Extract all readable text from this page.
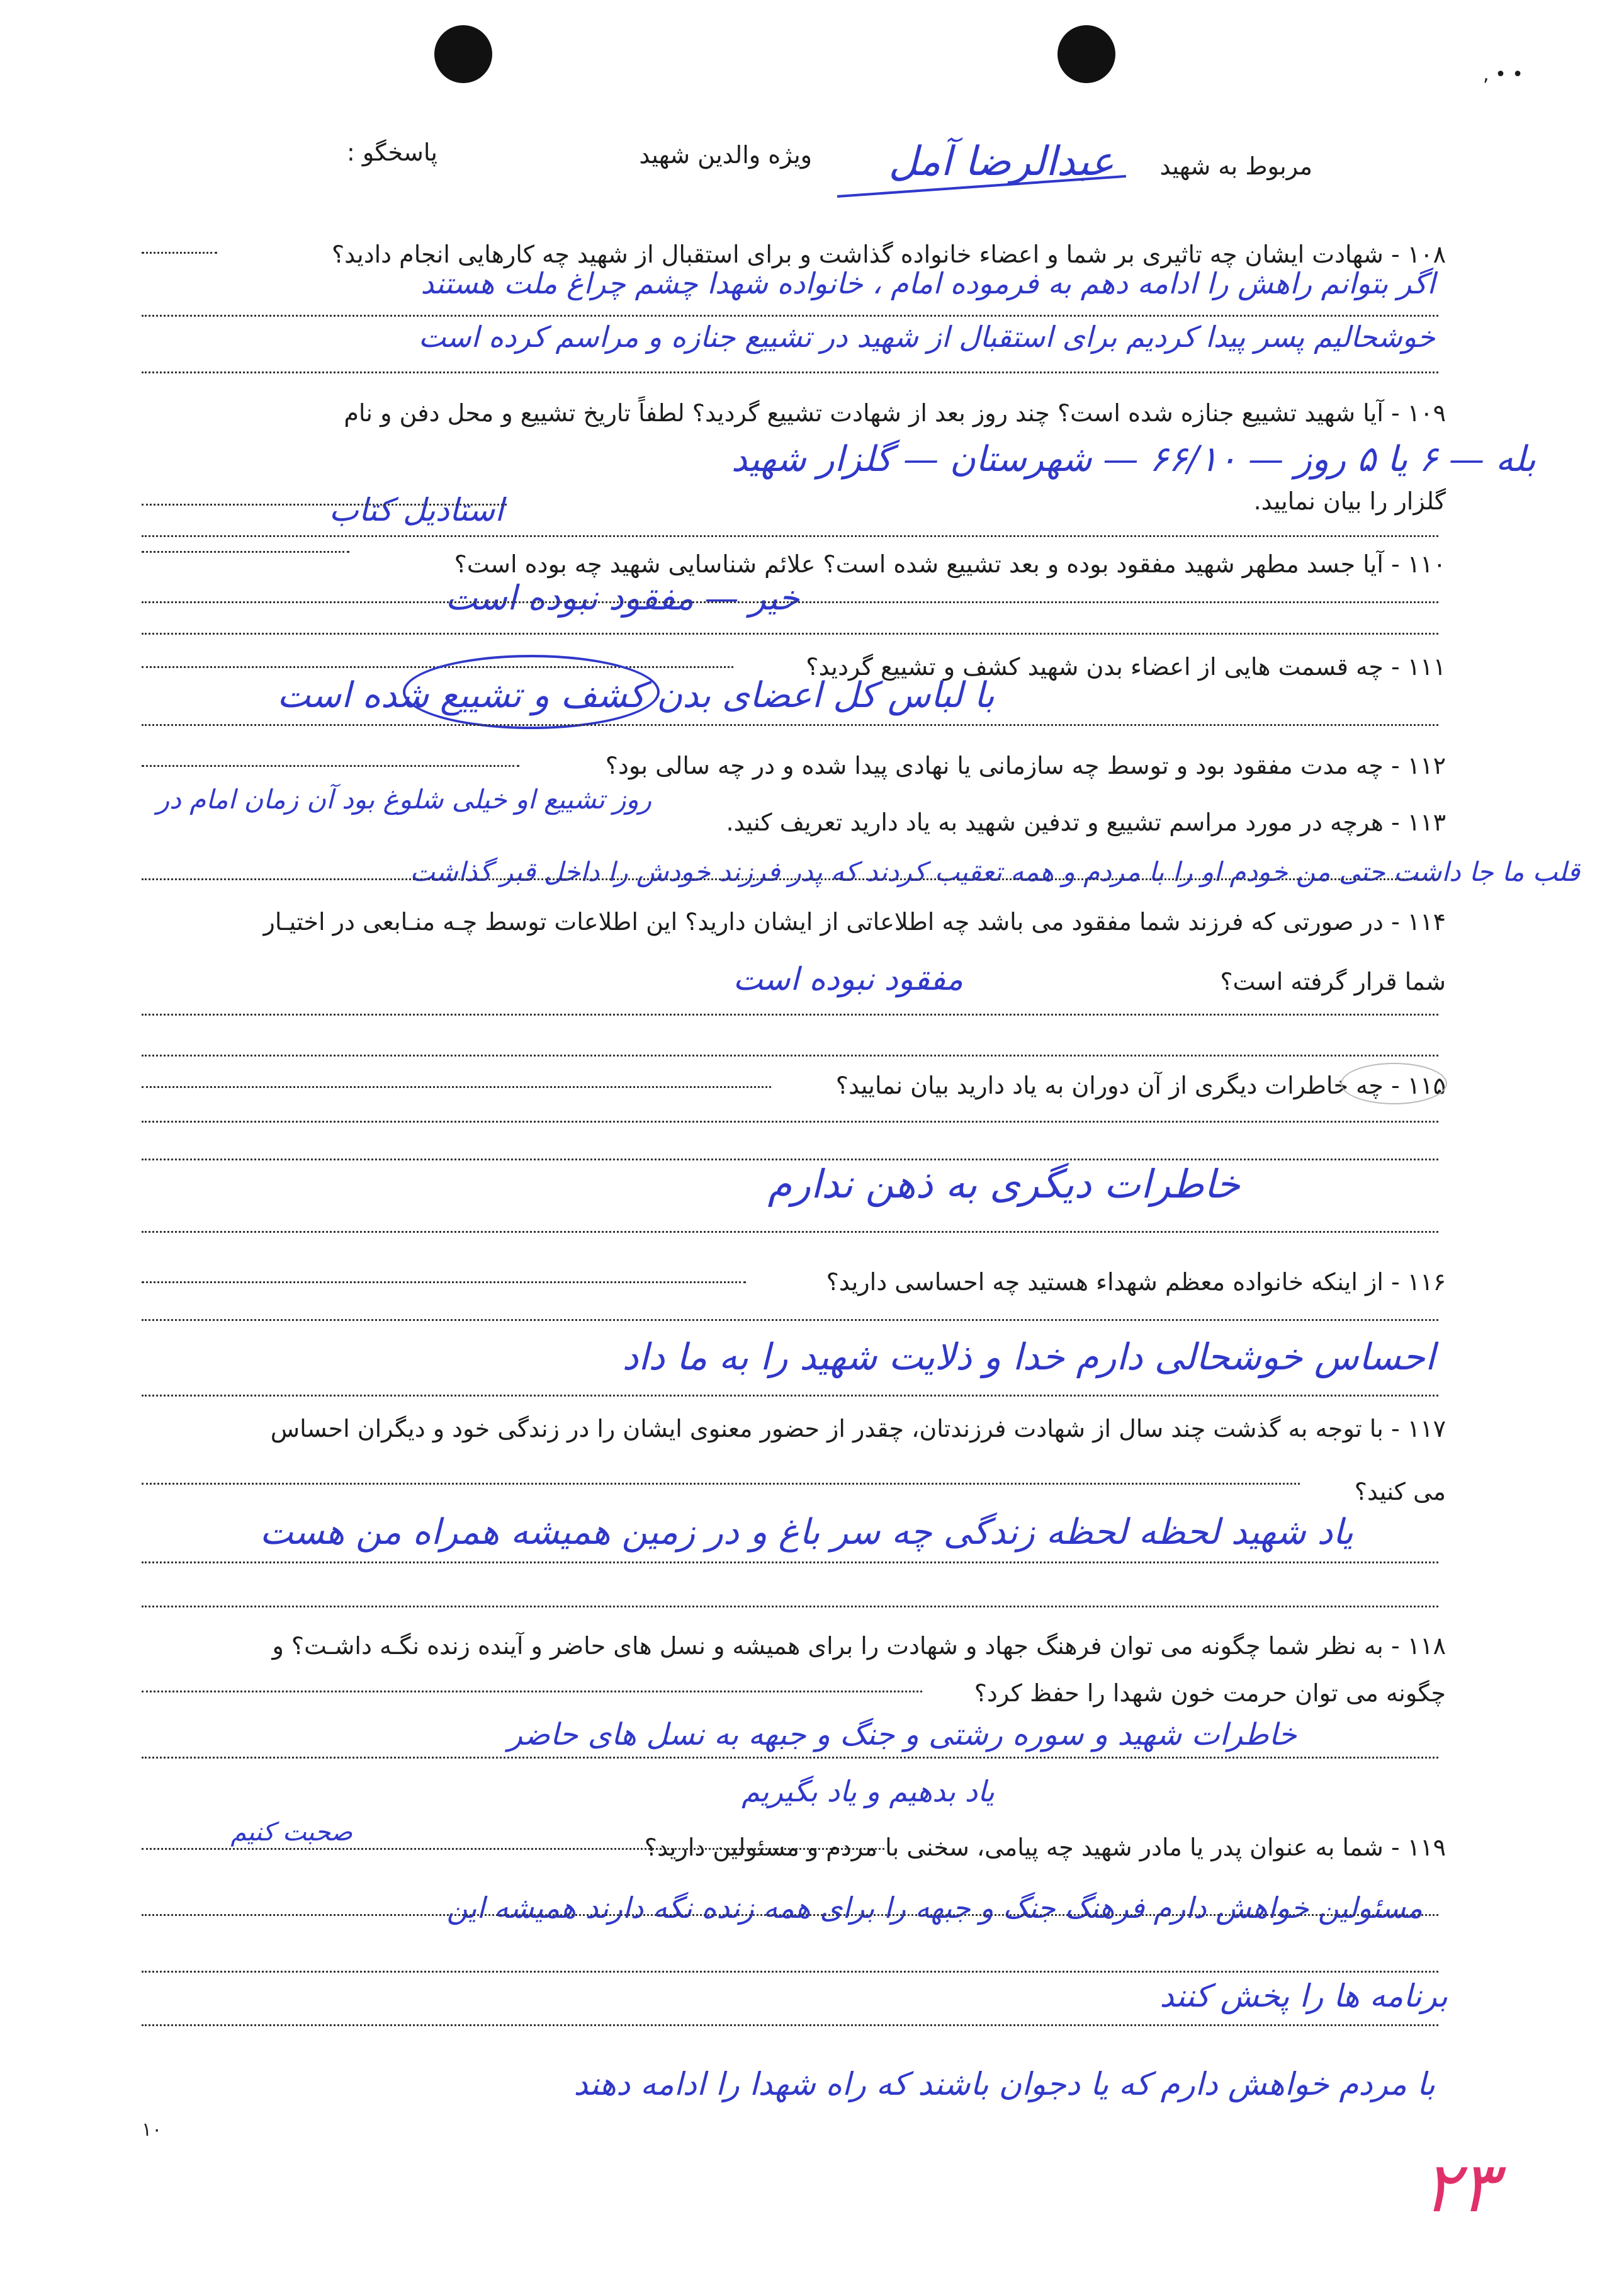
• • ,
مربوط به شهید
عبدالرضا آمل
ویژه والدین شهید
پاسخگو :
۱۰۸ - شهادت ایشان چه تاثیری بر شما و اعضاء خانواده گذاشت و برای استقبال از شهید چه کارهایی انجام دادید؟
اگر بتوانم راهش را ادامه دهم به فرموده امام ، خانواده شهدا چشم چراغ ملت هستند
خوشحالیم پسر پیدا کردیم برای استقبال از شهید در تشییع جنازه و مراسم کرده است
۱۰۹ - آیا شهید تشییع جنازه شده است؟ چند روز بعد از شهادت تشییع گردید؟ لطفاً تاریخ تشییع و محل دفن و نام
گلزار را بیان نمایید.
بله — ۶ یا ۵ روز — ۶۶/۱۰ — شهرستان — گلزار شهید
استادیل کتاب
۱۱۰ - آیا جسد مطهر شهید مفقود بوده و بعد تشییع شده است؟ علائم شناسایی شهید چه بوده است؟
خیر — مفقود نبوده است
۱۱۱ - چه قسمت هایی از اعضاء بدن شهید کشف و تشییع گردید؟
با لباس کل اعضای بدن کشف و تشییع شده است
۱۱۲ - چه مدت مفقود بود و توسط چه سازمانی یا نهادی پیدا شده و در چه سالی بود؟
۱۱۳ - هرچه در مورد مراسم تشییع و تدفین شهید به یاد دارید تعریف کنید.
روز تشییع او خیلی شلوغ بود آن زمان امام در
قلب ما جا داشت حتی من خودم او را با مردم و همه تعقیب کردند که پدر فرزند خودش را داخل قبر گذاشت
۱۱۴ - در صورتی که فرزند شما مفقود می باشد چه اطلاعاتی از ایشان دارید؟ این اطلاعات توسط چـه منـابعی در اختیـار
شما قرار گرفته است؟
مفقود نبوده است
۱۱۵ - چه خاطرات دیگری از آن دوران به یاد دارید بیان نمایید؟
خاطرات دیگری به ذهن ندارم
۱۱۶ - از اینکه خانواده معظم شهداء هستید چه احساسی دارید؟
احساس خوشحالی دارم خدا و ذلایت شهید را به ما داد
۱۱۷ - با توجه به گذشت چند سال از شهادت فرزندتان، چقدر از حضور معنوی ایشان را در زندگی خود و دیگران احساس
می کنید؟
یاد شهید لحظه لحظه زندگی چه سر باغ و در زمین همیشه همراه من هست
۱۱۸ - به نظر شما چگونه می توان فرهنگ جهاد و شهادت را برای همیشه و نسل های حاضر و آینده زنده نگـه داشـت؟ و
چگونه می توان حرمت خون شهدا را حفظ کرد؟
خاطرات شهید و سوره رشتی و جنگ و جبهه به نسل های حاضر
یاد بدهیم و یاد بگیریم
۱۱۹ - شما به عنوان پدر یا مادر شهید چه پیامی، سخنی با مردم و مسئولین دارید؟
صحبت کنیم
مسئولین خواهش دارم فرهنگ جنگ و جبهه را برای همه زنده نگه دارند همیشه این
برنامه ها را پخش کنند
با مردم خواهش دارم که یا دجوان باشند که راه شهدا را ادامه دهند
۱۰
۲۳
